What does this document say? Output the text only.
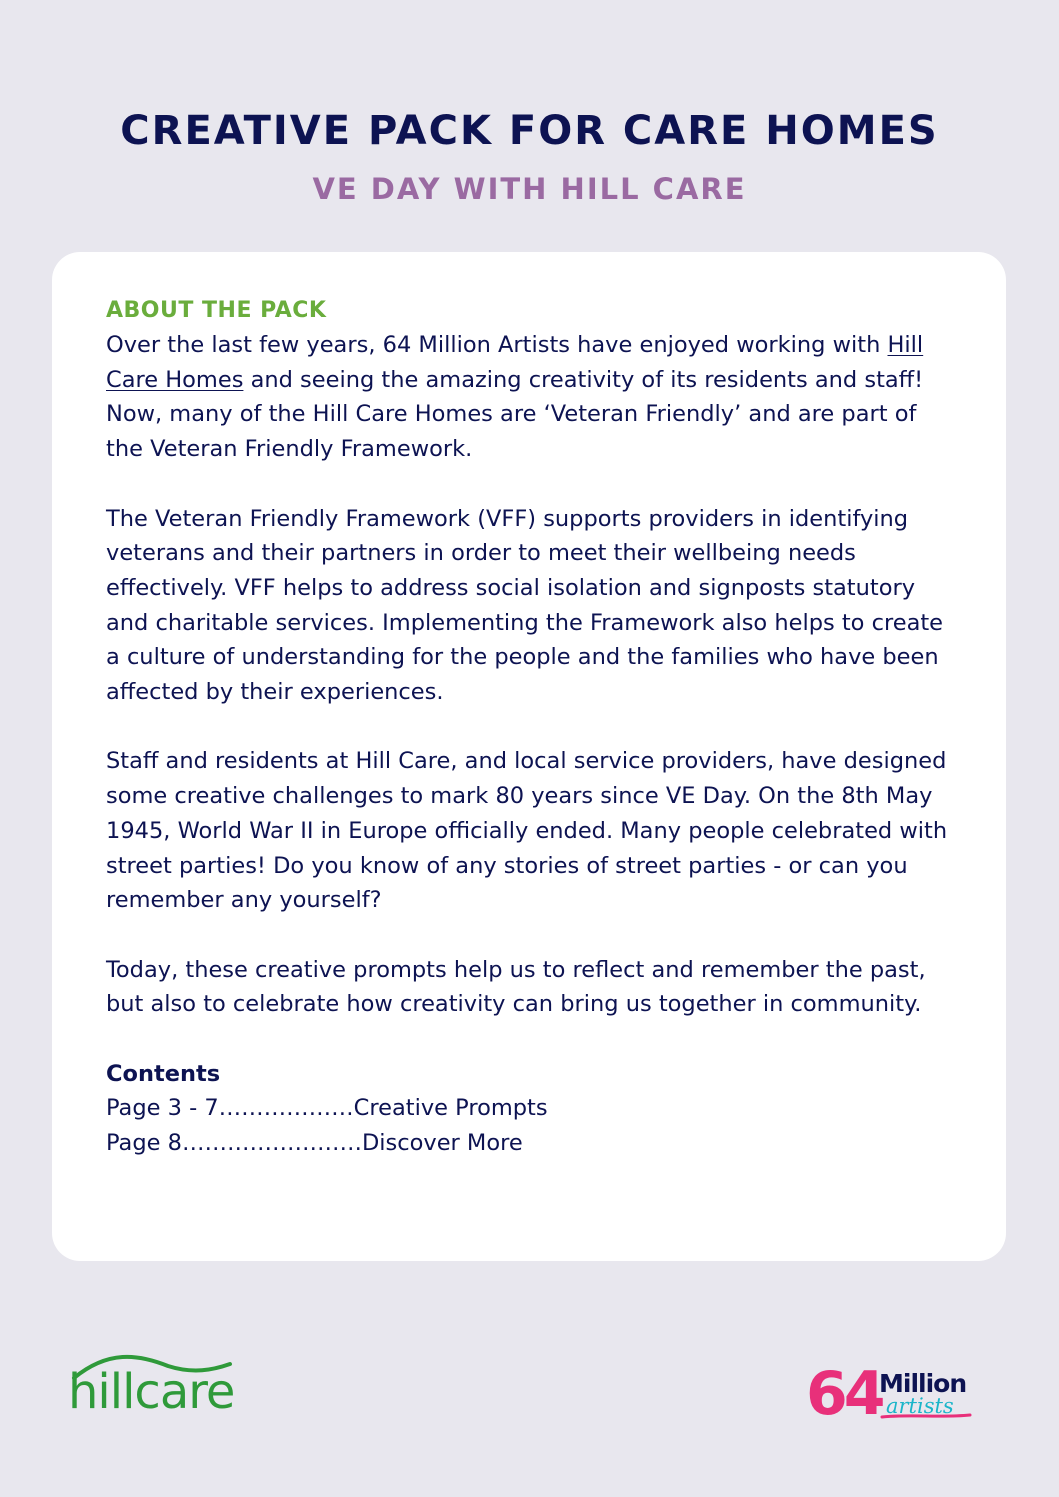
CREATIVE PACK FOR CARE HOMES
VE DAY WITH HILL CARE
ABOUT THE PACK

Over the last few years, 64 Million Artists have enjoyed working with Hill Care Homes and seeing the amazing creativity of its residents and staff! Now, many of the Hill Care Homes are ‘Veteran Friendly’ and are part of the Veteran Friendly Framework.

The Veteran Friendly Framework (VFF) supports providers in identifying veterans and their partners in order to meet their wellbeing needs effectively. VFF helps to address social isolation and signposts statutory and charitable services. Implementing the Framework also helps to create a culture of understanding for the people and the families who have been affected by their experiences.

Staff and residents at Hill Care, and local service providers, have designed some creative challenges to mark 80 years since VE Day. On the 8th May 1945, World War II in Europe officially ended. Many people celebrated with street parties! Do you know of any stories of street parties - or can you remember any yourself?

Today, these creative prompts help us to reflect and remember the past, but also to celebrate how creativity can bring us together in community.

Contents

Page 3 - 7………………Creative Prompts

Page 8……………………Discover More

hillcare	64
Million
artists
